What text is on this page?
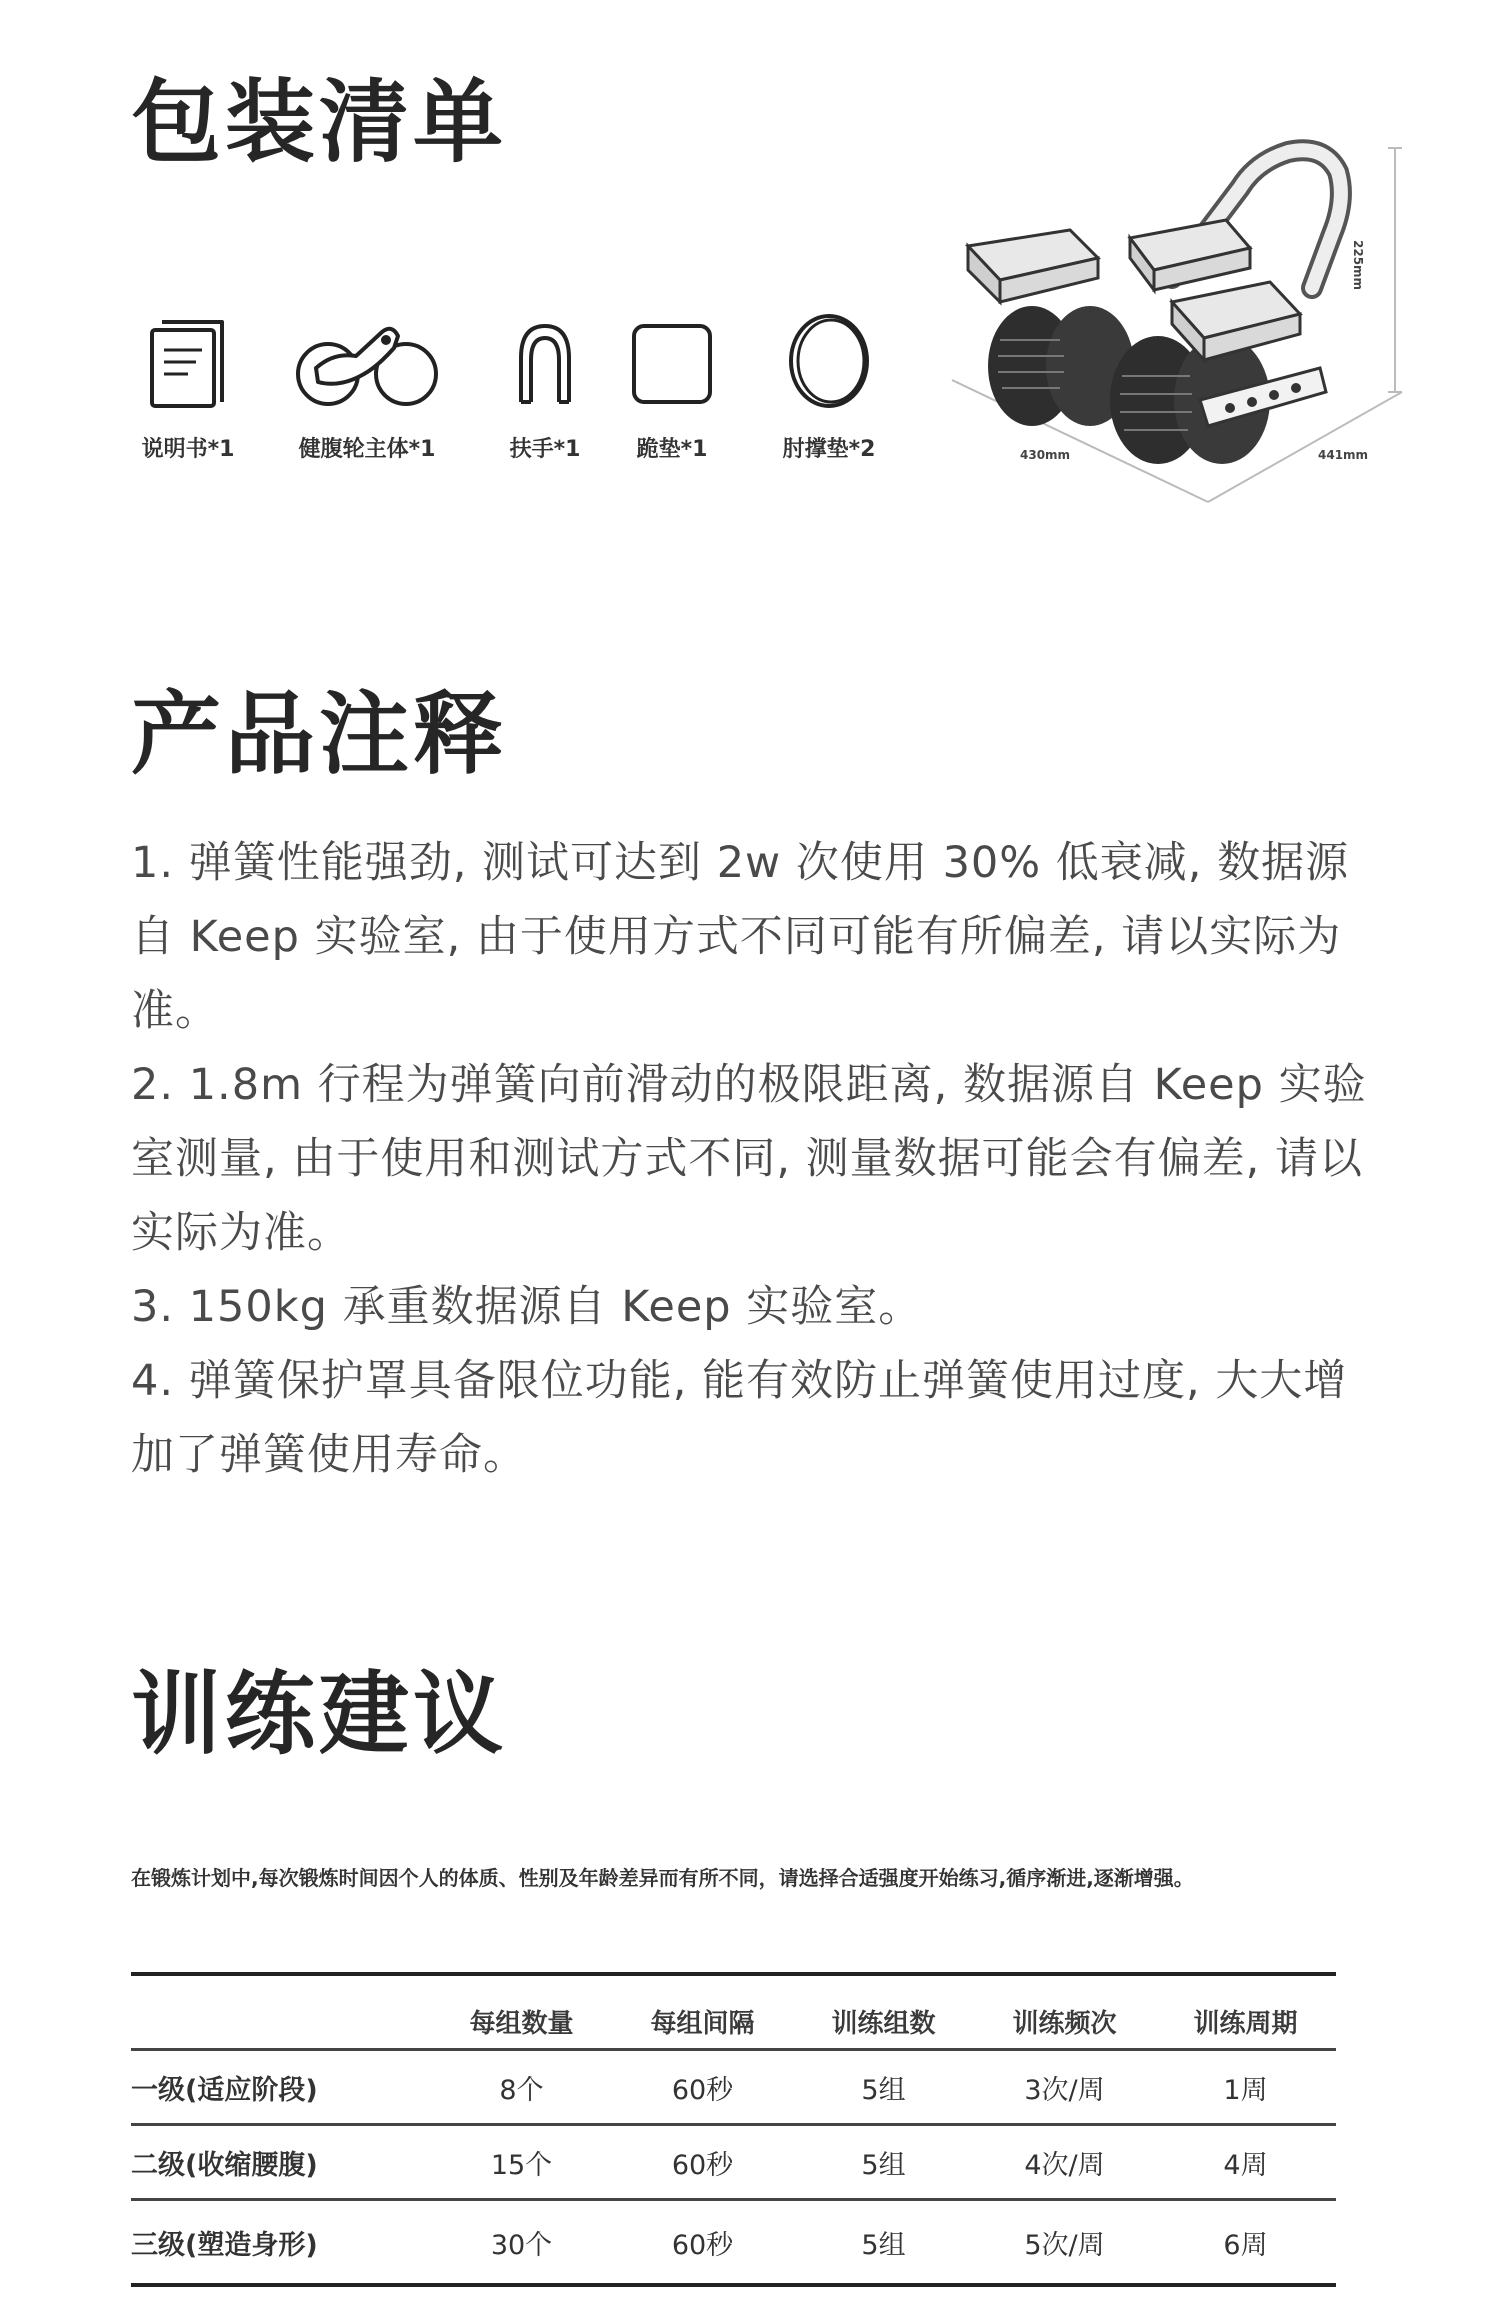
包装清单
说明书*1	健腹轮主体*1	扶手*1	跪垫*1	肘撑垫*2
225mm
430mm	441mm
产品注释
1. 弹簧性能强劲, 测试可达到 2w 次使用 30% 低衰减, 数据源自 Keep 实验室, 由于使用方式不同可能有所偏差, 请以实际为准。
2. 1.8m 行程为弹簧向前滑动的极限距离, 数据源自 Keep 实验室测量, 由于使用和测试方式不同, 测量数据可能会有偏差, 请以实际为准。
3. 150kg 承重数据源自 Keep 实验室。
4. 弹簧保护罩具备限位功能, 能有效防止弹簧使用过度, 大大增加了弹簧使用寿命。
训练建议
在锻炼计划中,每次锻炼时间因个人的体质、性别及年龄差异而有所不同，请选择合适强度开始练习,循序渐进,逐渐增强。
	每组数量	每组间隔	训练组数	训练频次	训练周期
一级(适应阶段)	8个	60秒	5组	3次/周	1周
二级(收缩腰腹)	15个	60秒	5组	4次/周	4周
三级(塑造身形)	30个	60秒	5组	5次/周	6周
